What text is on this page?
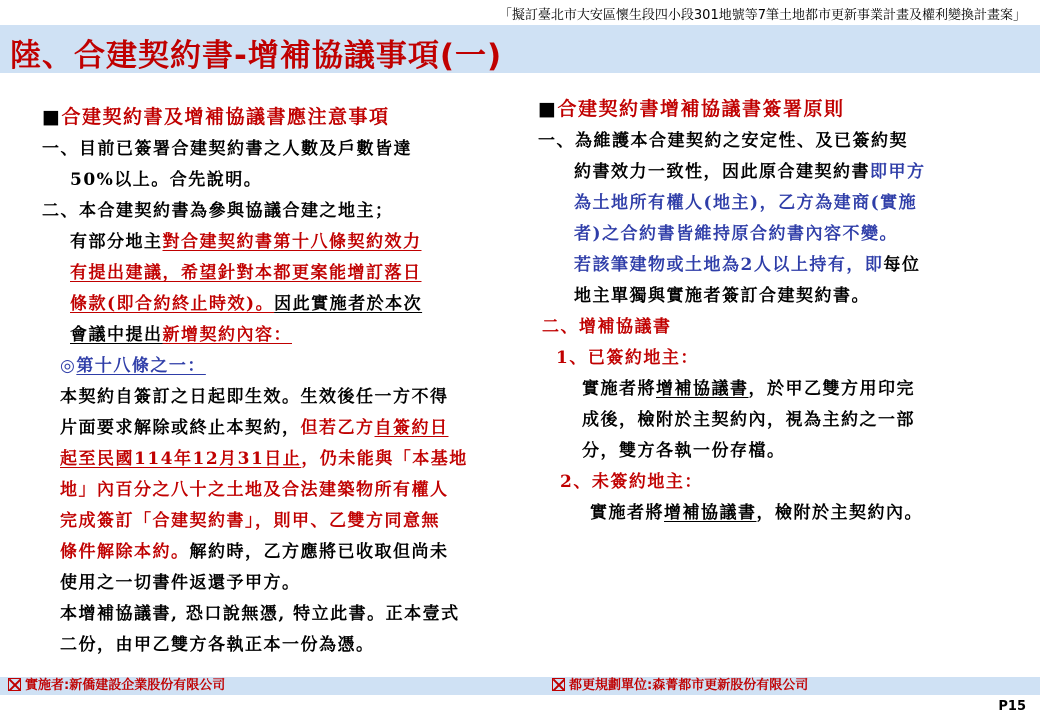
「擬訂臺北市大安區懷生段四小段301地號等7筆土地都市更新事業計畫及權利變換計畫案」
陸、合建契約書-增補協議事項(一)
■合建契約書及增補協議書應注意事項
一、目前已簽署合建契約書之人數及戶數皆達
50%以上。合先說明。
二、本合建契約書為參與協議合建之地主；
有部分地主對合建契約書第十八條契約效力
有提出建議，希望針對本都更案能增訂落日
條款(即合約終止時效)。因此實施者於本次
會議中提出新增契約內容：
◎第十八條之一：
本契約自簽訂之日起即生效。生效後任一方不得
片面要求解除或終止本契約，但若乙方自簽約日
起至民國114年12月31日止，仍未能與「本基地
地」內百分之八十之土地及合法建築物所有權人
完成簽訂「合建契約書」，則甲、乙雙方同意無
條件解除本約。解約時，乙方應將已收取但尚未
使用之一切書件返還予甲方。
本增補協議書, 恐口說無憑, 特立此書。正本壹式
二份，由甲乙雙方各執正本一份為憑。
■合建契約書增補協議書簽署原則
一、為維護本合建契約之安定性、及已簽約契
約書效力一致性，因此原合建契約書即甲方
為土地所有權人(地主)，乙方為建商(實施
者)之合約書皆維持原合約書內容不變。
若該筆建物或土地為2人以上持有，即每位
地主單獨與實施者簽訂合建契約書。
二、增補協議書
1、已簽約地主：
實施者將增補協議書，於甲乙雙方用印完
成後，檢附於主契約內，視為主約之一部
分，雙方各執一份存檔。
2、未簽約地主：
實施者將增補協議書，檢附於主契約內。
實施者:新僑建設企業股份有限公司	都更規劃單位:森菁都市更新股份有限公司
P15
